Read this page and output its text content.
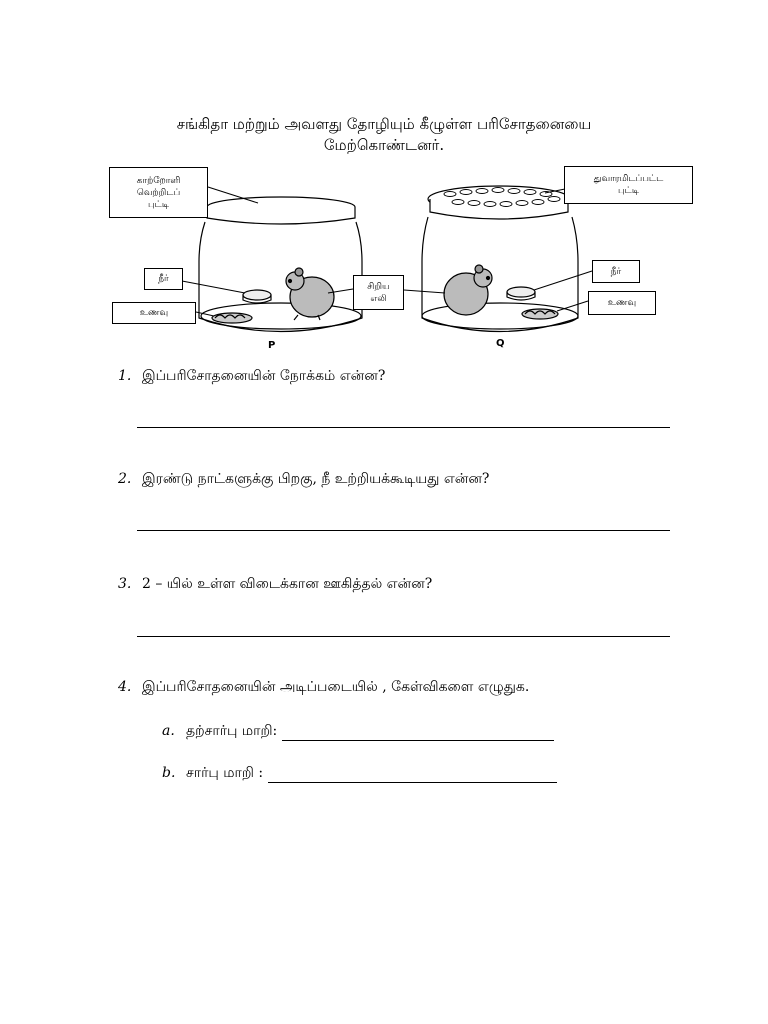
சங்கிதா மற்றும் அவளது தோழியும் கீழுள்ள பரிசோதனையை
மேற்கொண்டனர்.
காற்றோளி
வெற்றிடப்
புட்டி
துவாரமிடப்பட்ட
புட்டி
நீர்
உணவு
சிறிய
எலி
நீர்
உணவு
P	Q
1. இப்பரிசோதனையின் நோக்கம் என்ன?
2. இரண்டு நாட்களுக்கு பிறகு, நீ உற்றியக்கூடியது என்ன?
3. 2 – யில் உள்ள விடைக்கான ஊகித்தல் என்ன?
4. இப்பரிசோதனையின் அடிப்படையில் , கேள்விகளை எழுதுக.
a. தற்சார்பு மாறி:
b. சார்பு மாறி :
